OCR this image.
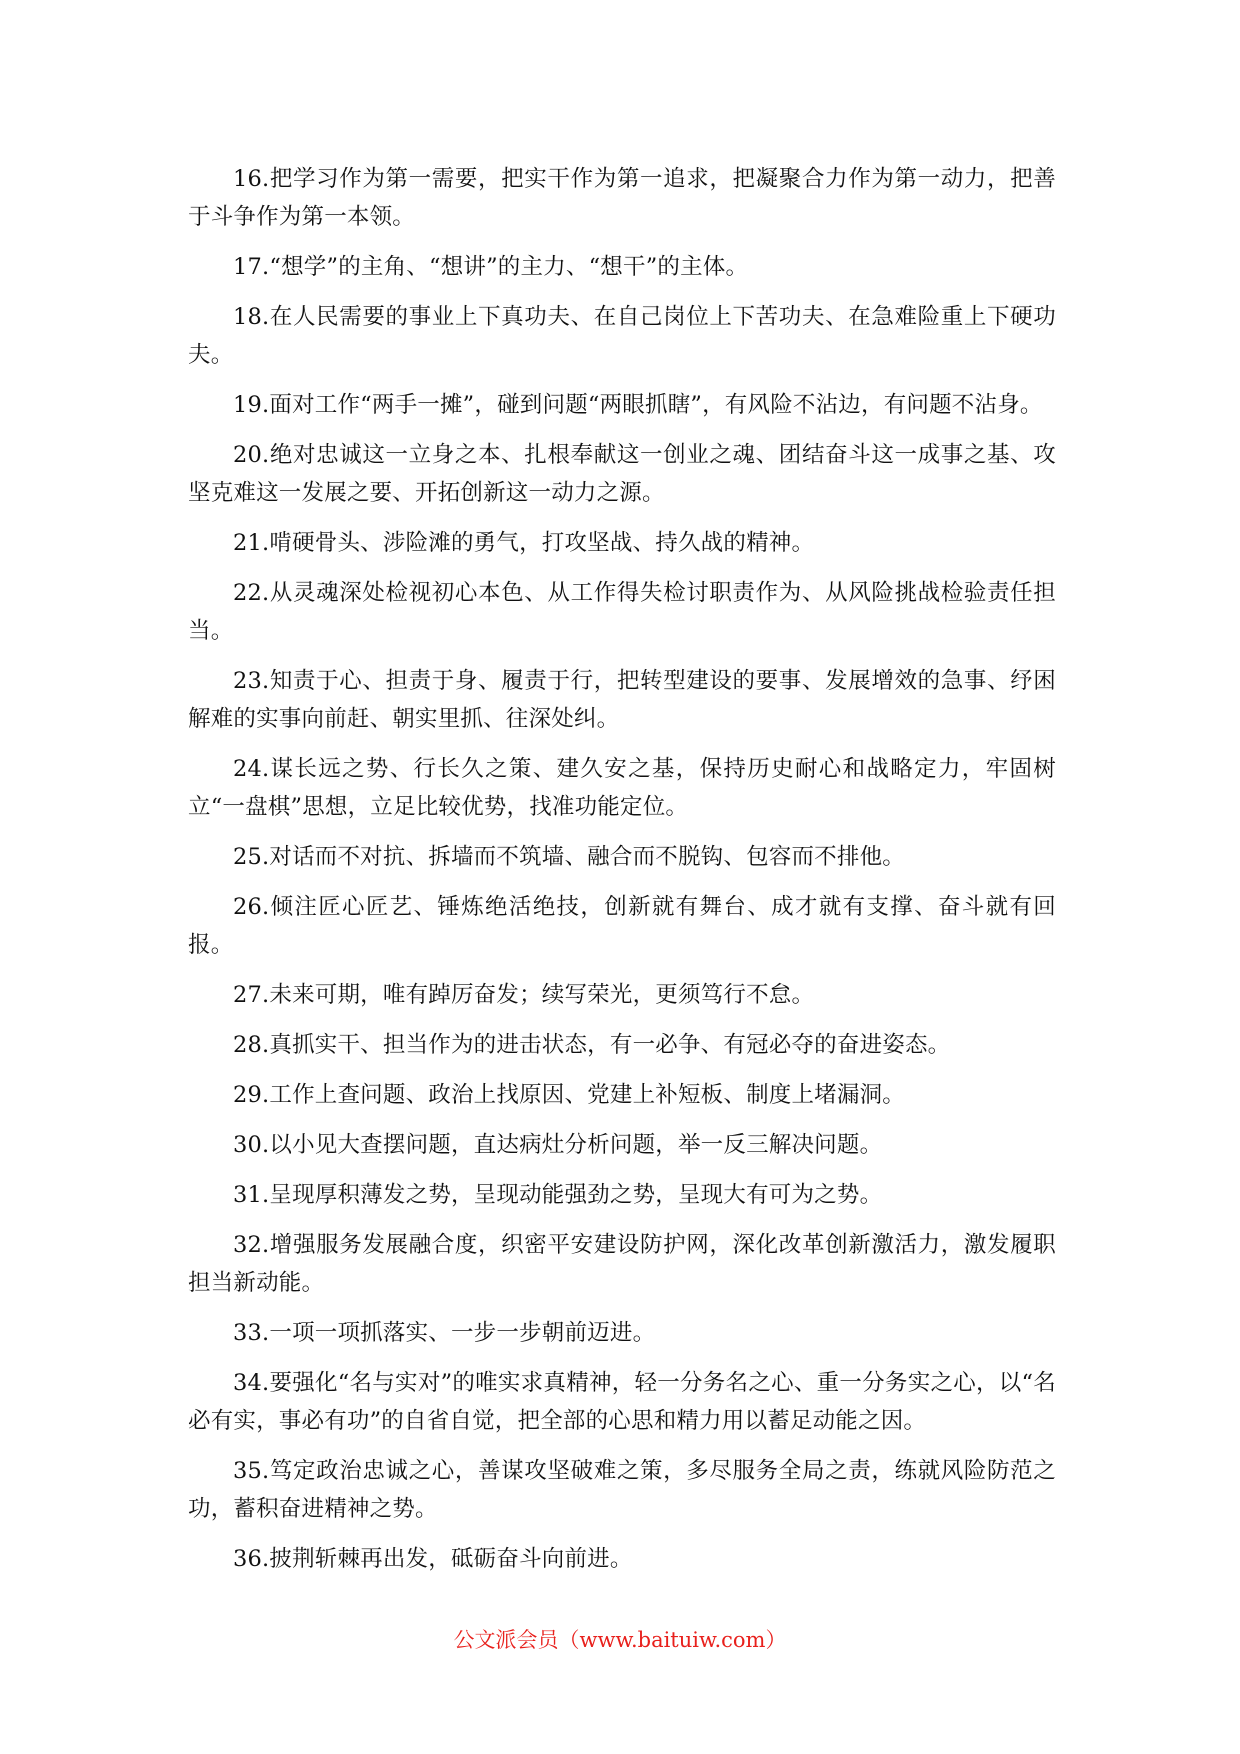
16.把学习作为第一需要，把实干作为第一追求，把凝聚合力作为第一动力，把善于斗争作为第一本领。

17.“想学”的主角、“想讲”的主力、“想干”的主体。

18.在人民需要的事业上下真功夫、在自己岗位上下苦功夫、在急难险重上下硬功夫。

19.面对工作“两手一摊”，碰到问题“两眼抓瞎”，有风险不沾边，有问题不沾身。

20.绝对忠诚这一立身之本、扎根奉献这一创业之魂、团结奋斗这一成事之基、攻坚克难这一发展之要、开拓创新这一动力之源。

21.啃硬骨头、涉险滩的勇气，打攻坚战、持久战的精神。

22.从灵魂深处检视初心本色、从工作得失检讨职责作为、从风险挑战检验责任担当。

23.知责于心、担责于身、履责于行，把转型建设的要事、发展增效的急事、纾困解难的实事向前赶、朝实里抓、往深处纠。

24.谋长远之势、行长久之策、建久安之基，保持历史耐心和战略定力，牢固树立“一盘棋”思想，立足比较优势，找准功能定位。

25.对话而不对抗、拆墙而不筑墙、融合而不脱钩、包容而不排他。

26.倾注匠心匠艺、锤炼绝活绝技，创新就有舞台、成才就有支撑、奋斗就有回报。

27.未来可期，唯有踔厉奋发；续写荣光，更须笃行不怠。

28.真抓实干、担当作为的进击状态，有一必争、有冠必夺的奋进姿态。

29.工作上查问题、政治上找原因、党建上补短板、制度上堵漏洞。

30.以小见大查摆问题，直达病灶分析问题，举一反三解决问题。

31.呈现厚积薄发之势，呈现动能强劲之势，呈现大有可为之势。

32.增强服务发展融合度，织密平安建设防护网，深化改革创新激活力，激发履职担当新动能。

33.一项一项抓落实、一步一步朝前迈进。

34.要强化“名与实对”的唯实求真精神，轻一分务名之心、重一分务实之心，以“名必有实，事必有功”的自省自觉，把全部的心思和精力用以蓄足动能之因。

35.笃定政治忠诚之心，善谋攻坚破难之策，多尽服务全局之责，练就风险防范之功，蓄积奋进精神之势。

36.披荆斩棘再出发，砥砺奋斗向前进。

公文派会员（www.baituiw.com）
